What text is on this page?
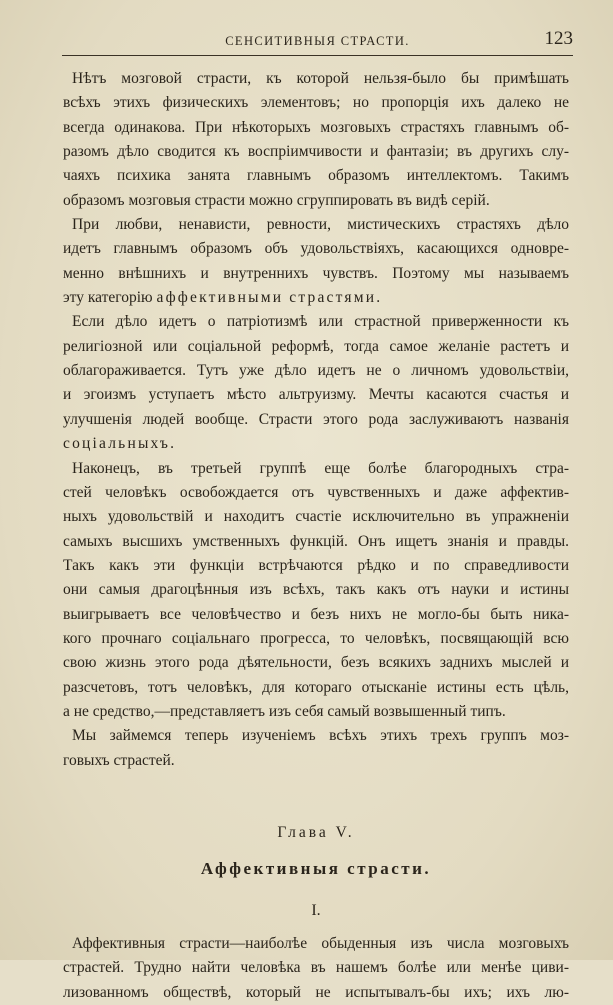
СЕНСИТИВНЫЯ СТРАСТИ.	123
Нѣтъ мозговой страсти, къ которой нельзя-было бы примѣшать
всѣхъ этихъ физическихъ элементовъ; но пропорція ихъ далеко не
всегда одинакова. При нѣкоторыхъ мозговыхъ страстяхъ главнымъ об-
разомъ дѣло сводится къ воспріимчивости и фантазіи; въ другихъ слу-
чаяхъ психика занята главнымъ образомъ интеллектомъ. Такимъ
образомъ мозговыя страсти можно сгруппировать въ видѣ серій.
При любви, ненависти, ревности, мистическихъ страстяхъ дѣло
идетъ главнымъ образомъ объ удовольствіяхъ, касающихся одновре-
менно внѣшнихъ и внутреннихъ чувствъ. Поэтому мы называемъ
эту категорію аффективными страстями.
Если дѣло идетъ о патріотизмѣ или страстной приверженности къ
религіозной или соціальной реформѣ, тогда самое желаніе растетъ и
облагораживается. Тутъ уже дѣло идетъ не о личномъ удовольствіи,
и эгоизмъ уступаетъ мѣсто альтруизму. Мечты касаются счастья и
улучшенія людей вообще. Страсти этого рода заслуживаютъ названія
соціальныхъ.
Наконецъ, въ третьей группѣ еще болѣе благородныхъ стра-
стей человѣкъ освобождается отъ чувственныхъ и даже аффектив-
ныхъ удовольствій и находитъ счастіе исключительно въ упражненіи
самыхъ высшихъ умственныхъ функцій. Онъ ищетъ знанія и правды.
Такъ какъ эти функціи встрѣчаются рѣдко и по справедливости
они самыя драгоцѣнныя изъ всѣхъ, такъ какъ отъ науки и истины
выигрываетъ все человѣчество и безъ нихъ не могло-бы быть ника-
кого прочнаго соціальнаго прогресса, то человѣкъ, посвящающій всю
свою жизнь этого рода дѣятельности, безъ всякихъ заднихъ мыслей и
разсчетовъ, тотъ человѣкъ, для котораго отысканіе истины есть цѣль,
а не средство,—представляетъ изъ себя самый возвышенный типъ.
Мы займемся теперь изученіемъ всѣхъ этихъ трехъ группъ моз-
говыхъ страстей.
Глава V.
Аффективныя страсти.
I.
Аффективныя страсти—наиболѣе обыденныя изъ числа мозговыхъ
страстей. Трудно найти человѣка въ нашемъ болѣе или менѣе циви-
лизованномъ обществѣ, который не испытывалъ-бы ихъ; ихъ лю-
